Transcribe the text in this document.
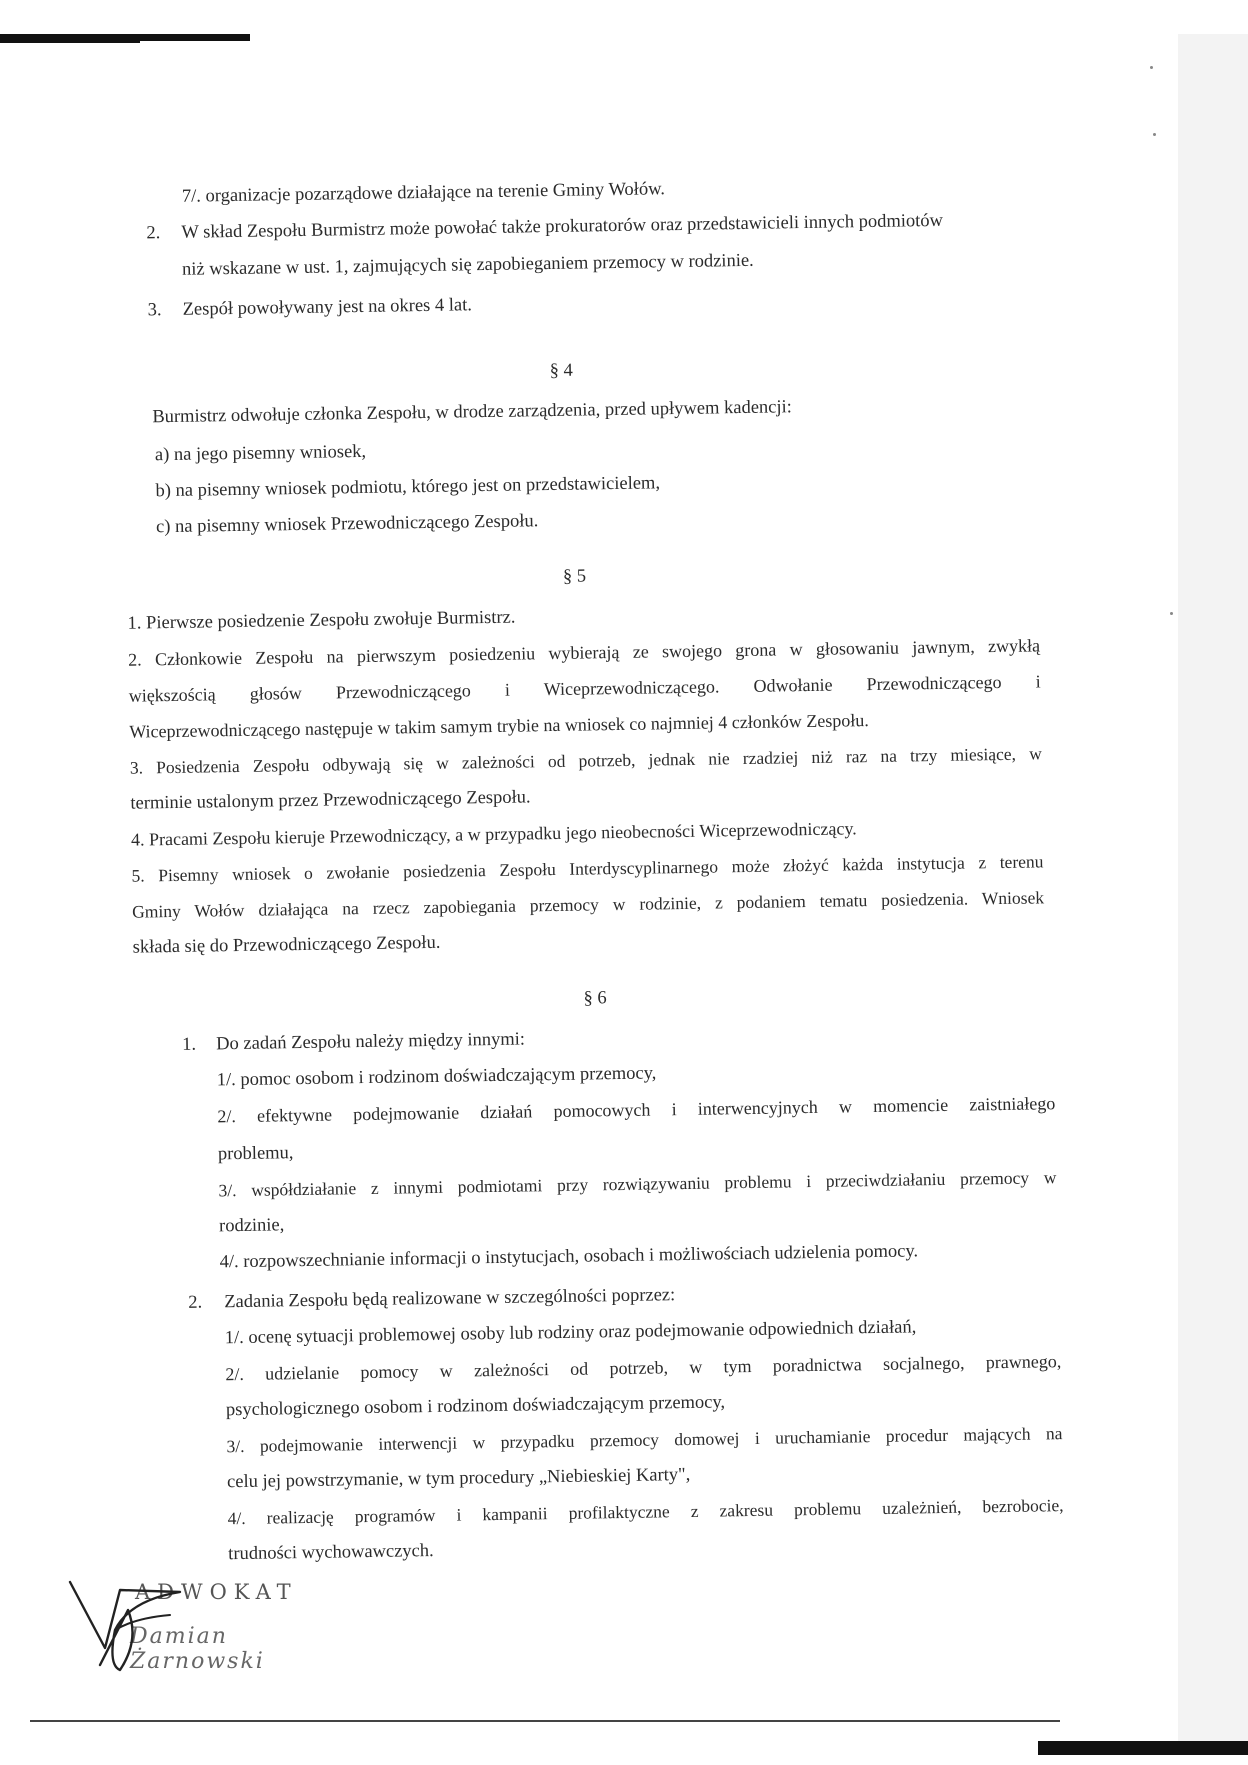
7/. organizacje pozarządowe działające na terenie Gminy Wołów.
2. W skład Zespołu Burmistrz może powołać także prokuratorów oraz przedstawicieli innych podmiotów
niż wskazane w ust. 1, zajmujących się zapobieganiem przemocy w rodzinie.
3. Zespół powoływany jest na okres 4 lat.
§ 4
Burmistrz odwołuje członka Zespołu, w drodze zarządzenia, przed upływem kadencji:
a) na jego pisemny wniosek,
b) na pisemny wniosek podmiotu, którego jest on przedstawicielem,
c) na pisemny wniosek Przewodniczącego Zespołu.
§ 5
1. Pierwsze posiedzenie Zespołu zwołuje Burmistrz.
2. Członkowie Zespołu na pierwszym posiedzeniu wybierają ze swojego grona w głosowaniu jawnym, zwykłą
większością głosów Przewodniczącego i Wiceprzewodniczącego. Odwołanie Przewodniczącego i
Wiceprzewodniczącego następuje w takim samym trybie na wniosek co najmniej 4 członków Zespołu.
3. Posiedzenia Zespołu odbywają się w zależności od potrzeb, jednak nie rzadziej niż raz na trzy miesiące, w
terminie ustalonym przez Przewodniczącego Zespołu.
4. Pracami Zespołu kieruje Przewodniczący, a w przypadku jego nieobecności Wiceprzewodniczący.
5. Pisemny wniosek o zwołanie posiedzenia Zespołu Interdyscyplinarnego może złożyć każda instytucja z terenu
Gminy Wołów działająca na rzecz zapobiegania przemocy w rodzinie, z podaniem tematu posiedzenia. Wniosek
składa się do Przewodniczącego Zespołu.
§ 6
1. Do zadań Zespołu należy między innymi:
1/. pomoc osobom i rodzinom doświadczającym przemocy,
2/. efektywne podejmowanie działań pomocowych i interwencyjnych w momencie zaistniałego
problemu,
3/. współdziałanie z innymi podmiotami przy rozwiązywaniu problemu i przeciwdziałaniu przemocy w
rodzinie,
4/. rozpowszechnianie informacji o instytucjach, osobach i możliwościach udzielenia pomocy.
2. Zadania Zespołu będą realizowane w szczególności poprzez:
1/. ocenę sytuacji problemowej osoby lub rodziny oraz podejmowanie odpowiednich działań,
2/. udzielanie pomocy w zależności od potrzeb, w tym poradnictwa socjalnego, prawnego,
psychologicznego osobom i rodzinom doświadczającym przemocy,
3/. podejmowanie interwencji w przypadku przemocy domowej i uruchamianie procedur mających na
celu jej powstrzymanie, w tym procedury „Niebieskiej Karty",
4/. realizację programów i kampanii profilaktyczne z zakresu problemu uzależnień, bezrobocie,
trudności wychowawczych.
ADWOKAT
Damian Żarnowski
